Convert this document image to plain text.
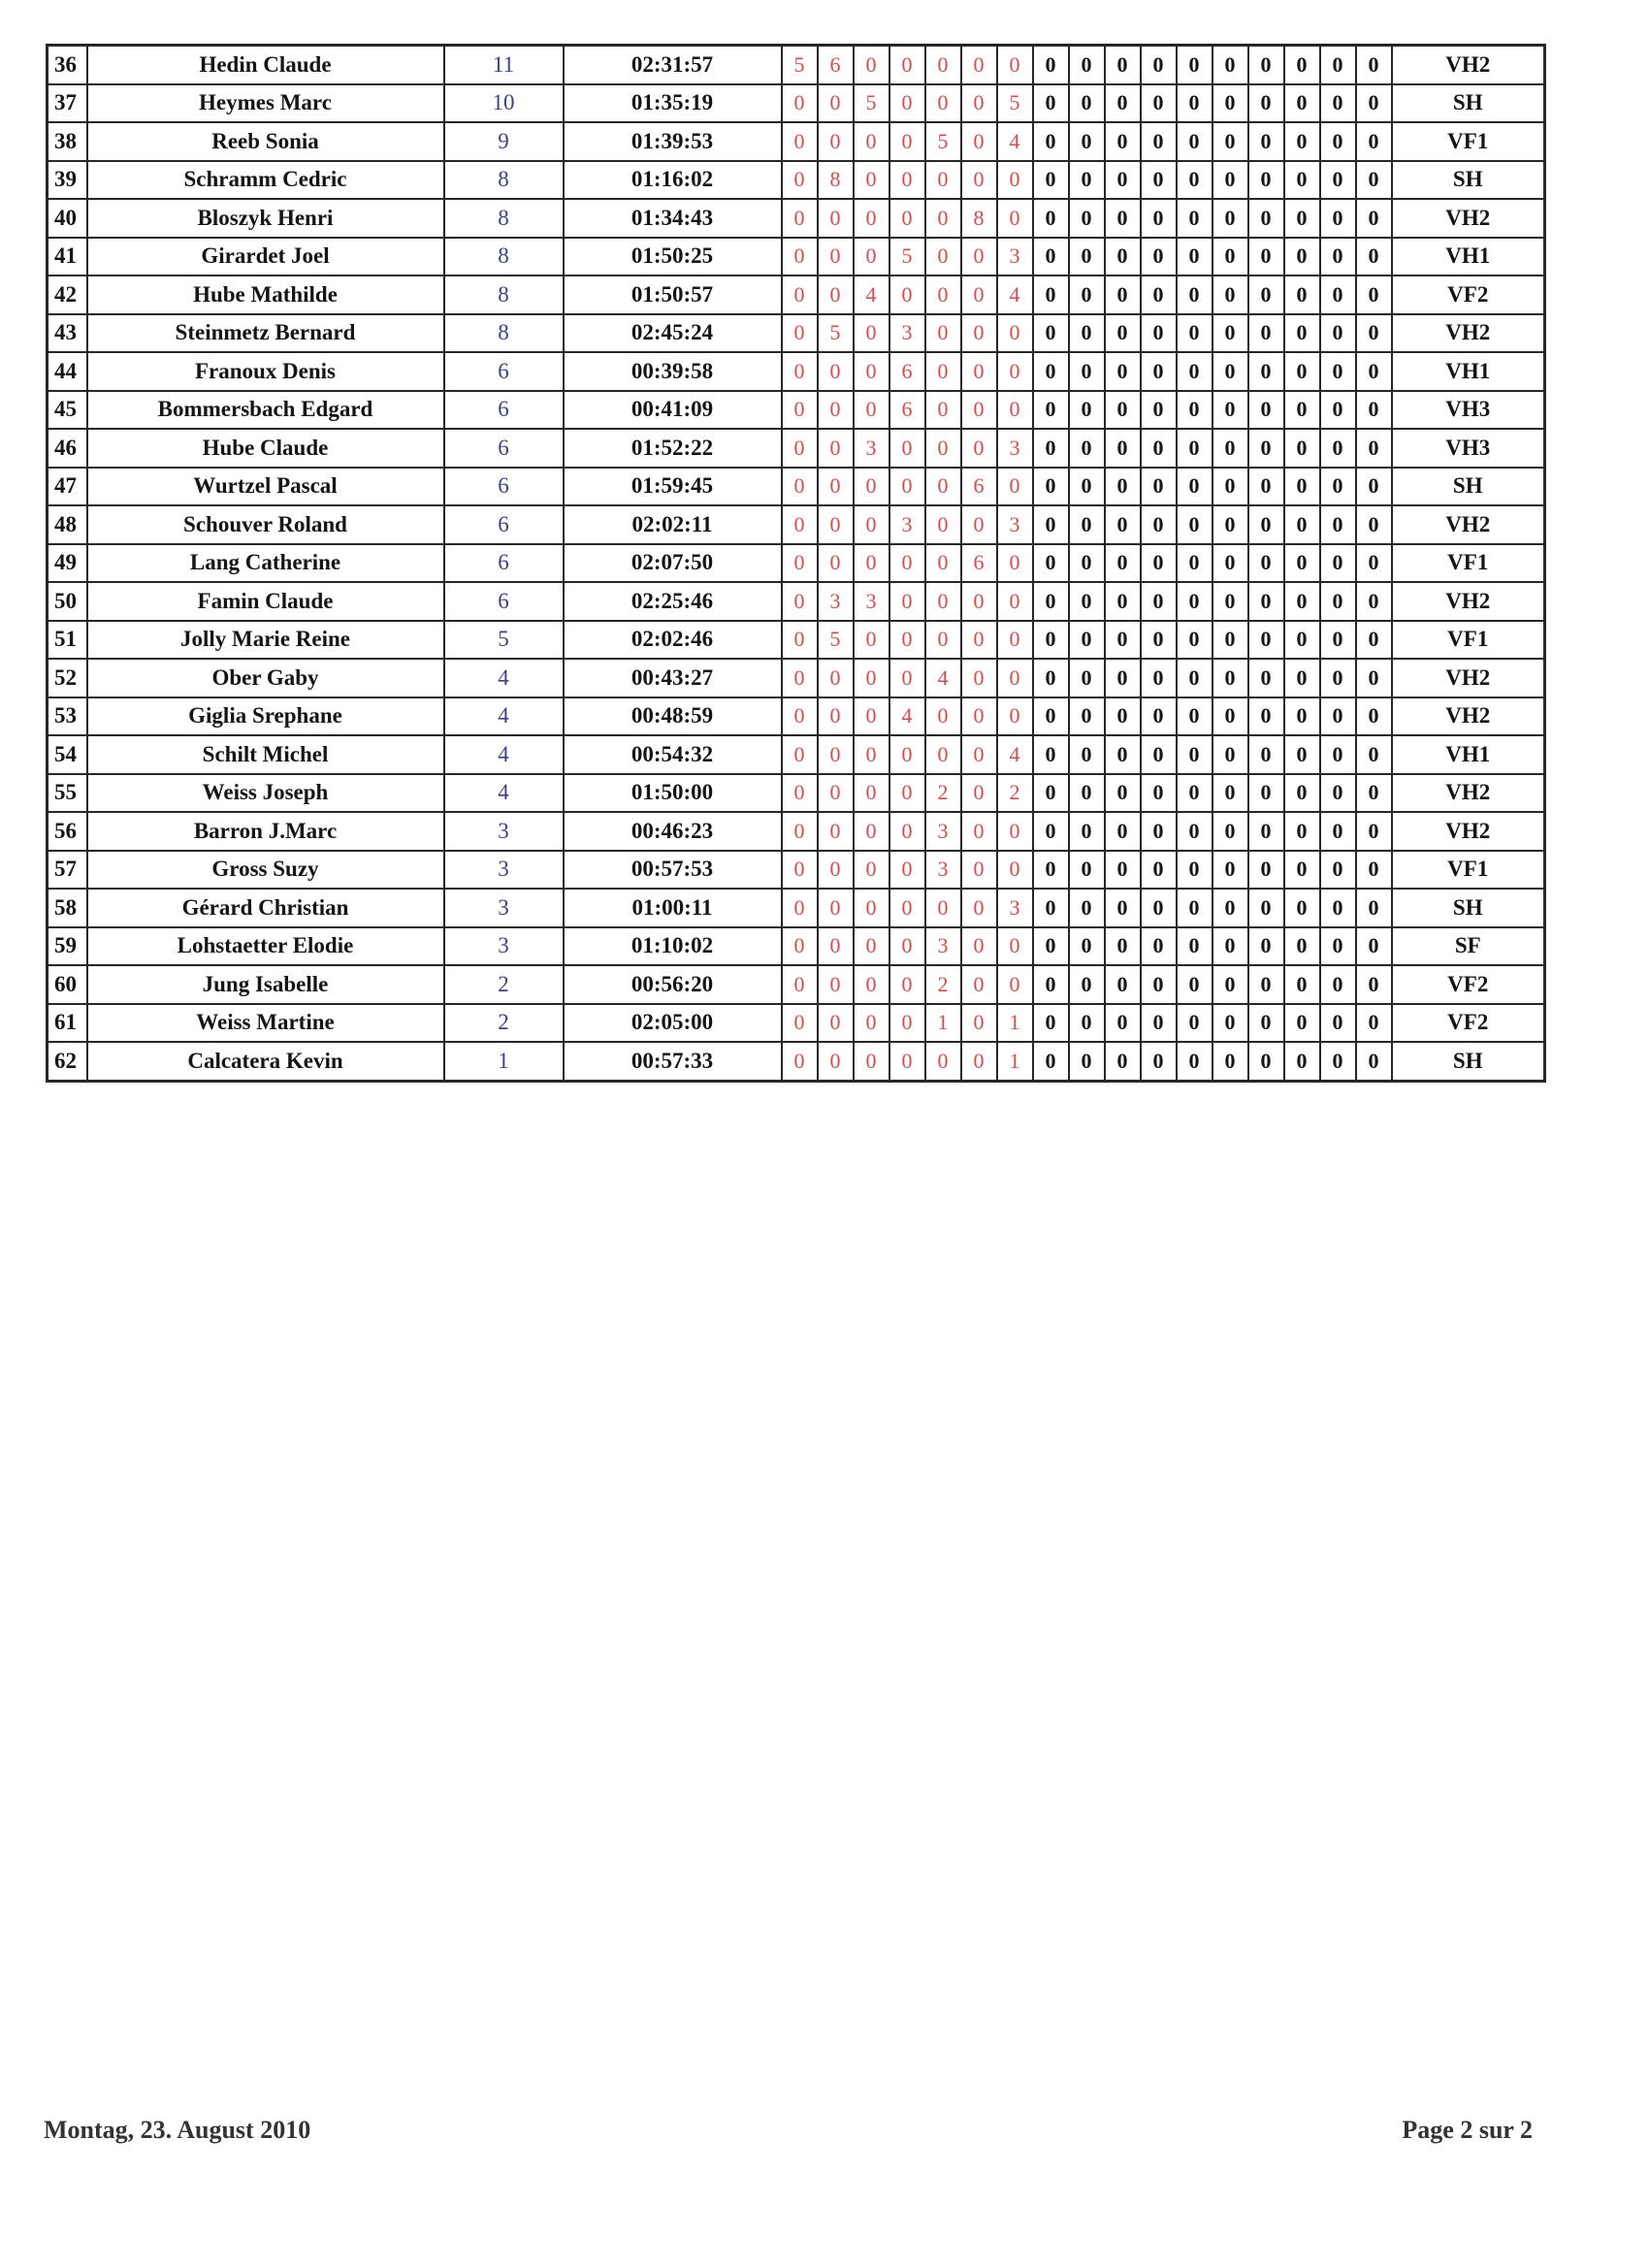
36	Hedin Claude	11	02:31:57	5	6	0	0	0	0	0	0	0	0	0	0	0	0	0	0	0	VH2
37	Heymes Marc	10	01:35:19	0	0	5	0	0	0	5	0	0	0	0	0	0	0	0	0	0	SH
38	Reeb Sonia	9	01:39:53	0	0	0	0	5	0	4	0	0	0	0	0	0	0	0	0	0	VF1
39	Schramm Cedric	8	01:16:02	0	8	0	0	0	0	0	0	0	0	0	0	0	0	0	0	0	SH
40	Bloszyk Henri	8	01:34:43	0	0	0	0	0	8	0	0	0	0	0	0	0	0	0	0	0	VH2
41	Girardet Joel	8	01:50:25	0	0	0	5	0	0	3	0	0	0	0	0	0	0	0	0	0	VH1
42	Hube Mathilde	8	01:50:57	0	0	4	0	0	0	4	0	0	0	0	0	0	0	0	0	0	VF2
43	Steinmetz Bernard	8	02:45:24	0	5	0	3	0	0	0	0	0	0	0	0	0	0	0	0	0	VH2
44	Franoux Denis	6	00:39:58	0	0	0	6	0	0	0	0	0	0	0	0	0	0	0	0	0	VH1
45	Bommersbach Edgard	6	00:41:09	0	0	0	6	0	0	0	0	0	0	0	0	0	0	0	0	0	VH3
46	Hube Claude	6	01:52:22	0	0	3	0	0	0	3	0	0	0	0	0	0	0	0	0	0	VH3
47	Wurtzel Pascal	6	01:59:45	0	0	0	0	0	6	0	0	0	0	0	0	0	0	0	0	0	SH
48	Schouver Roland	6	02:02:11	0	0	0	3	0	0	3	0	0	0	0	0	0	0	0	0	0	VH2
49	Lang Catherine	6	02:07:50	0	0	0	0	0	6	0	0	0	0	0	0	0	0	0	0	0	VF1
50	Famin Claude	6	02:25:46	0	3	3	0	0	0	0	0	0	0	0	0	0	0	0	0	0	VH2
51	Jolly Marie Reine	5	02:02:46	0	5	0	0	0	0	0	0	0	0	0	0	0	0	0	0	0	VF1
52	Ober Gaby	4	00:43:27	0	0	0	0	4	0	0	0	0	0	0	0	0	0	0	0	0	VH2
53	Giglia Srephane	4	00:48:59	0	0	0	4	0	0	0	0	0	0	0	0	0	0	0	0	0	VH2
54	Schilt Michel	4	00:54:32	0	0	0	0	0	0	4	0	0	0	0	0	0	0	0	0	0	VH1
55	Weiss Joseph	4	01:50:00	0	0	0	0	2	0	2	0	0	0	0	0	0	0	0	0	0	VH2
56	Barron J.Marc	3	00:46:23	0	0	0	0	3	0	0	0	0	0	0	0	0	0	0	0	0	VH2
57	Gross Suzy	3	00:57:53	0	0	0	0	3	0	0	0	0	0	0	0	0	0	0	0	0	VF1
58	Gérard Christian	3	01:00:11	0	0	0	0	0	0	3	0	0	0	0	0	0	0	0	0	0	SH
59	Lohstaetter Elodie	3	01:10:02	0	0	0	0	3	0	0	0	0	0	0	0	0	0	0	0	0	SF
60	Jung Isabelle	2	00:56:20	0	0	0	0	2	0	0	0	0	0	0	0	0	0	0	0	0	VF2
61	Weiss Martine	2	02:05:00	0	0	0	0	1	0	1	0	0	0	0	0	0	0	0	0	0	VF2
62	Calcatera Kevin	1	00:57:33	0	0	0	0	0	0	1	0	0	0	0	0	0	0	0	0	0	SH
Montag, 23. August 2010	Page 2 sur 2
